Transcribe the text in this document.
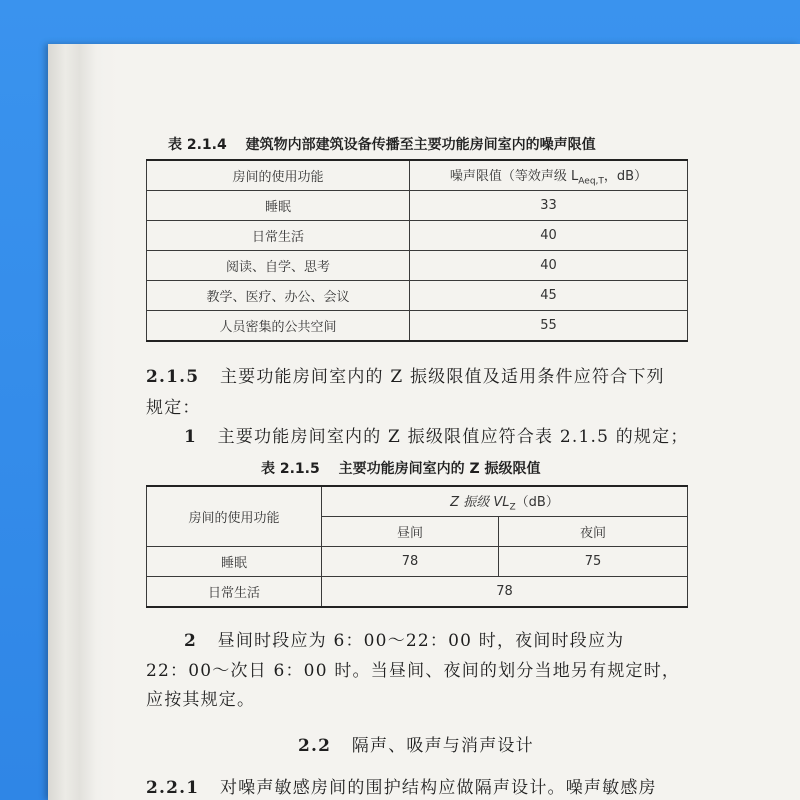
表 2.1.4 建筑物内部建筑设备传播至主要功能房间室内的噪声限值
房间的使用功能	噪声限值（等效声级 $L_{Aeq,T}$，dB）
睡眠	33
日常生活	40
阅读、自学、思考	40
教学、医疗、办公、会议	45
人员密集的公共空间	55
2.1.5 主要功能房间室内的 Z 振级限值及适用条件应符合下列
规定：
1 主要功能房间室内的 Z 振级限值应符合表 2.1.5 的规定；
表 2.1.5 主要功能房间室内的 Z 振级限值
房间的使用功能	Z 振级 $VL_Z(dB)$	
	昼间	夜间
睡眠	78	75
日常生活	78	
2 昼间时段应为 6：00～22：00 时，夜间时段应为
22：00～次日 6：00 时。当昼间、夜间的划分当地另有规定时，
应按其规定。
2.2 隔声、吸声与消声设计
2.2.1 对噪声敏感房间的围护结构应做隔声设计。噪声敏感房
